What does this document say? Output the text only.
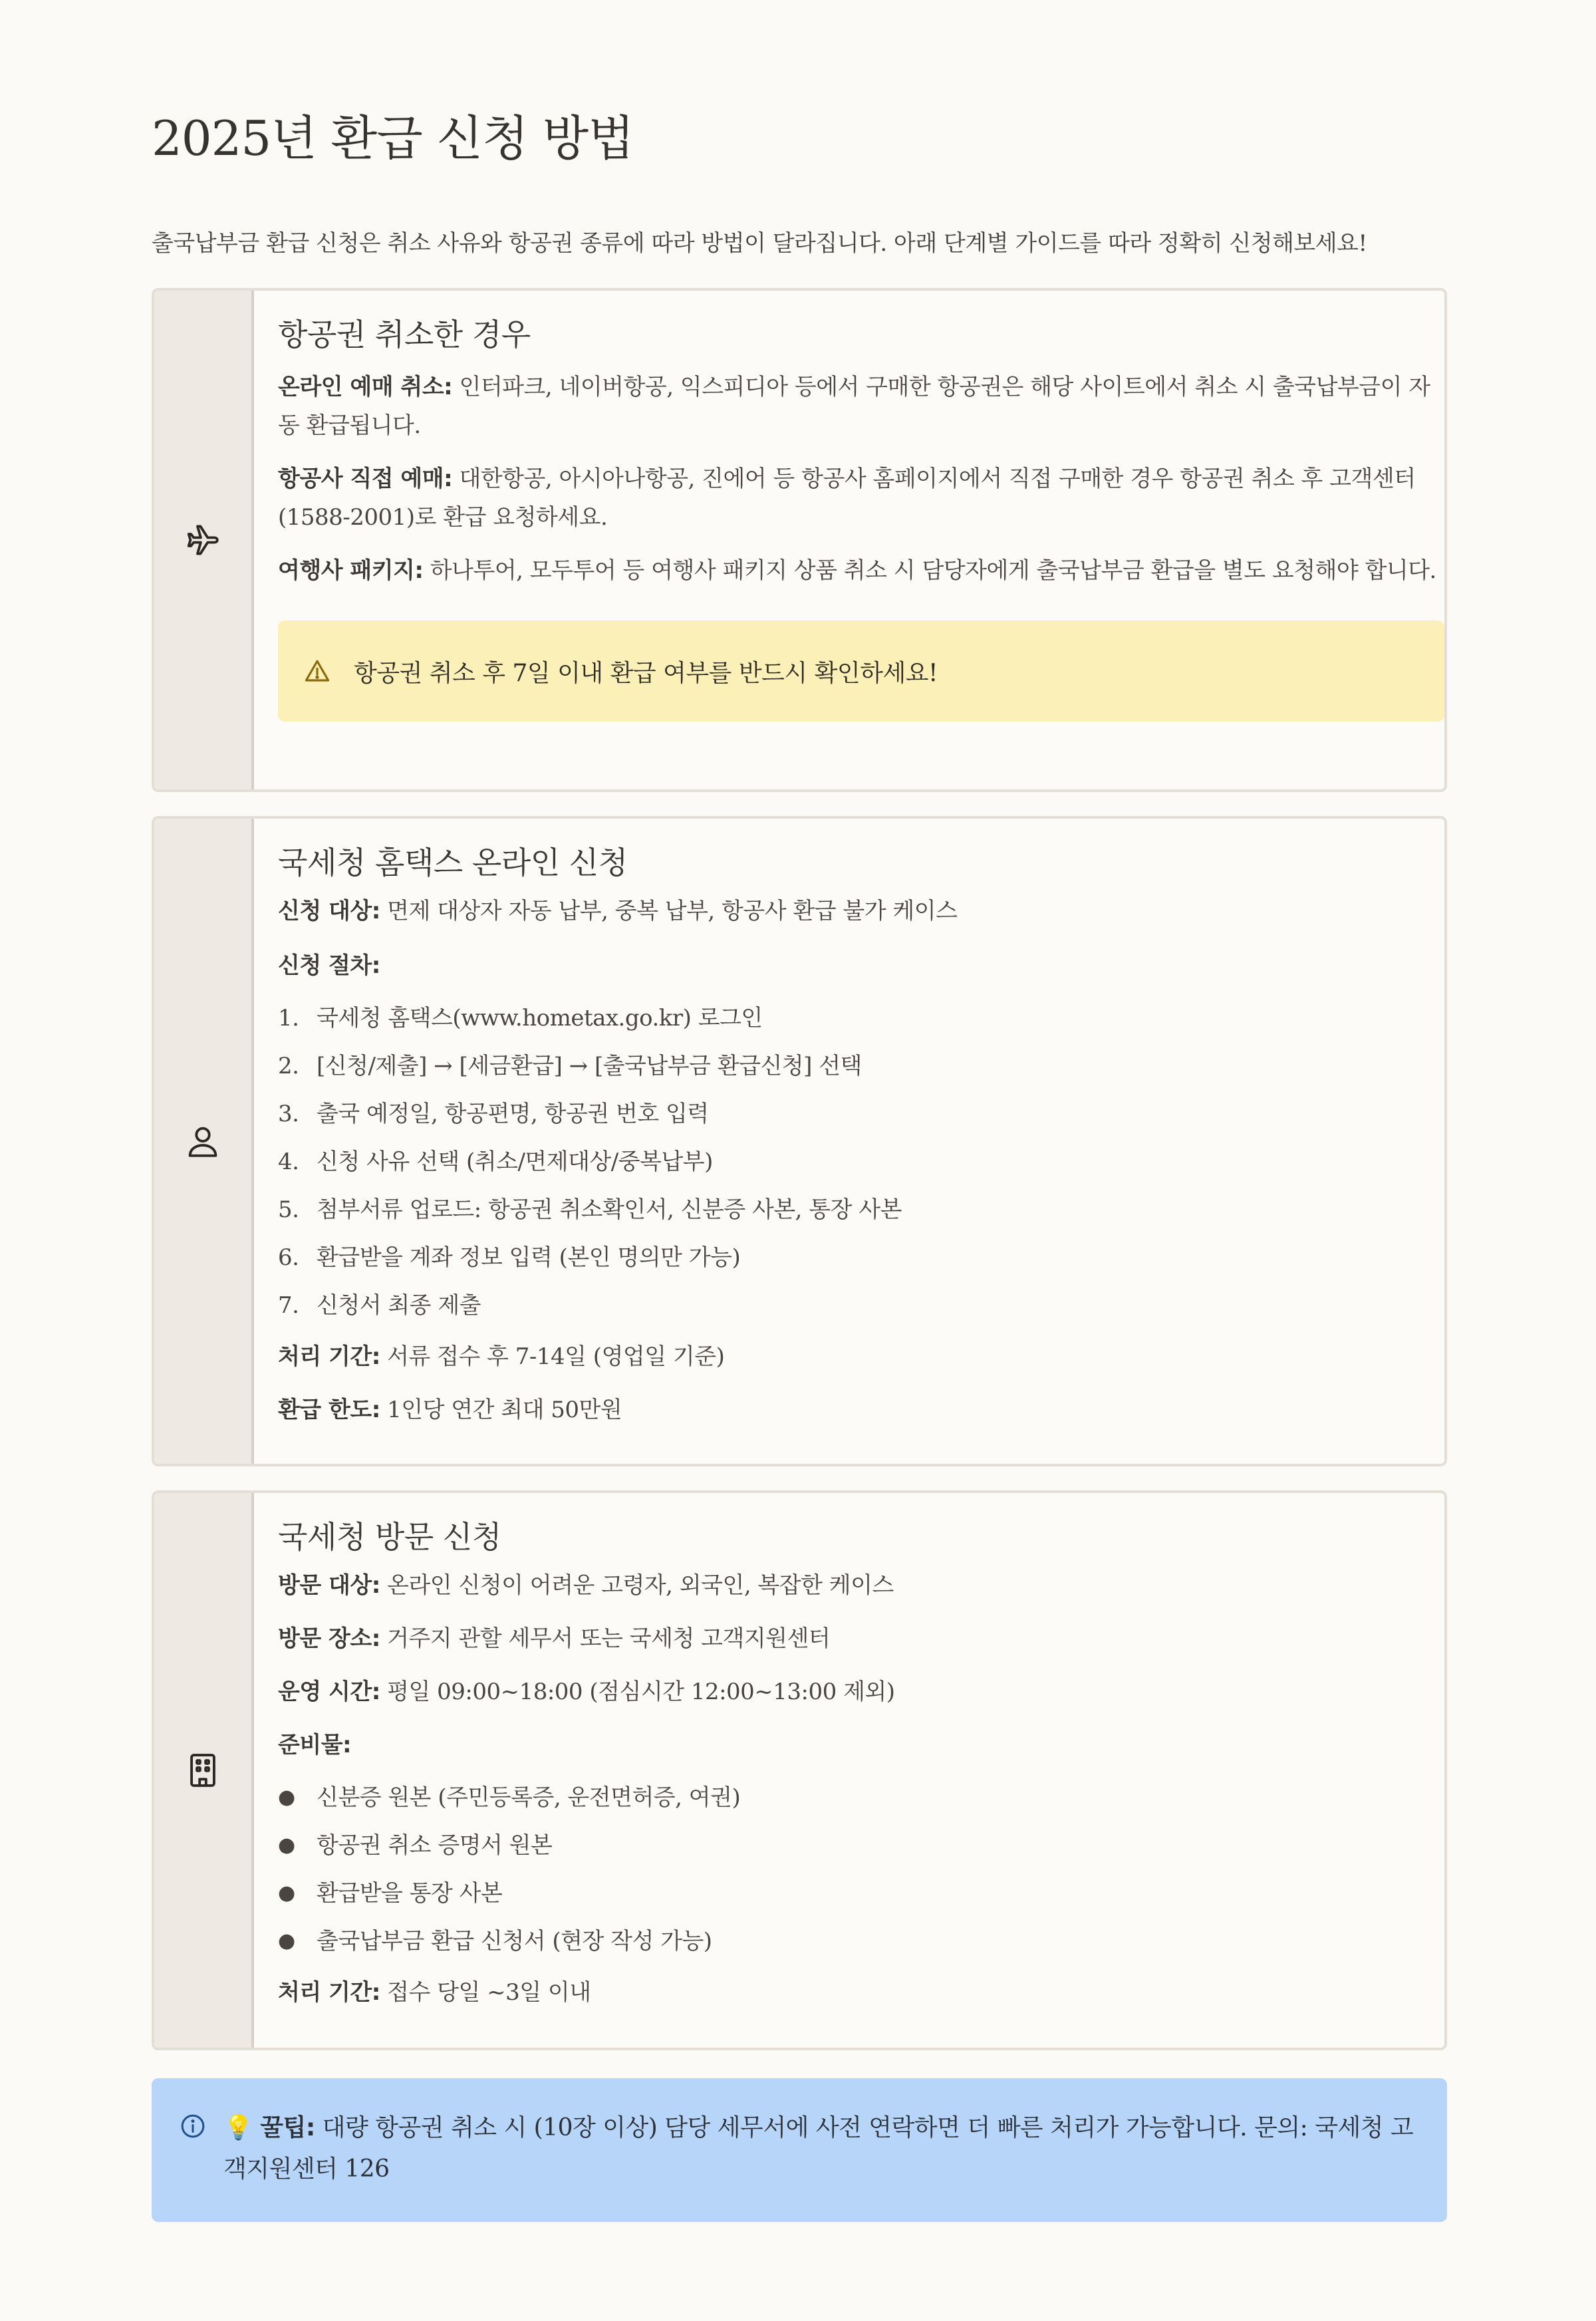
2025년 환급 신청 방법

출국납부금 환급 신청은 취소 사유와 항공권 종류에 따라 방법이 달라집니다. 아래 단계별 가이드를 따라 정확히 신청해보세요!

항공권 취소한 경우

온라인 예매 취소: 인터파크, 네이버항공, 익스피디아 등에서 구매한 항공권은 해당 사이트에서 취소 시 출국납부금이 자동 환급됩니다.

항공사 직접 예매: 대한항공, 아시아나항공, 진에어 등 항공사 홈페이지에서 직접 구매한 경우 항공권 취소 후 고객센터(1588-2001)로 환급 요청하세요.

여행사 패키지: 하나투어, 모두투어 등 여행사 패키지 상품 취소 시 담당자에게 출국납부금 환급을 별도 요청해야 합니다.

항공권 취소 후 7일 이내 환급 여부를 반드시 확인하세요!
국세청 홈택스 온라인 신청

신청 대상: 면제 대상자 자동 납부, 중복 납부, 항공사 환급 불가 케이스

신청 절차:

1. 국세청 홈택스(www.hometax.go.kr) 로그인
2. [신청/제출] → [세금환급] → [출국납부금 환급신청] 선택
3. 출국 예정일, 항공편명, 항공권 번호 입력
4. 신청 사유 선택 (취소/면제대상/중복납부)
5. 첨부서류 업로드: 항공권 취소확인서, 신분증 사본, 통장 사본
6. 환급받을 계좌 정보 입력 (본인 명의만 가능)
7. 신청서 최종 제출

처리 기간: 서류 접수 후 7-14일 (영업일 기준)

환급 한도: 1인당 연간 최대 50만원

국세청 방문 신청

방문 대상: 온라인 신청이 어려운 고령자, 외국인, 복잡한 케이스

방문 장소: 거주지 관할 세무서 또는 국세청 고객지원센터

운영 시간: 평일 09:00~18:00 (점심시간 12:00~13:00 제외)

준비물:

● 신분증 원본 (주민등록증, 운전면허증, 여권)
● 항공권 취소 증명서 원본
● 환급받을 통장 사본
● 출국납부금 환급 신청서 (현장 작성 가능)

처리 기간: 접수 당일 ~3일 이내

💡 꿀팁: 대량 항공권 취소 시 (10장 이상) 담당 세무서에 사전 연락하면 더 빠른 처리가 가능합니다. 문의: 국세청 고객지원센터 126
